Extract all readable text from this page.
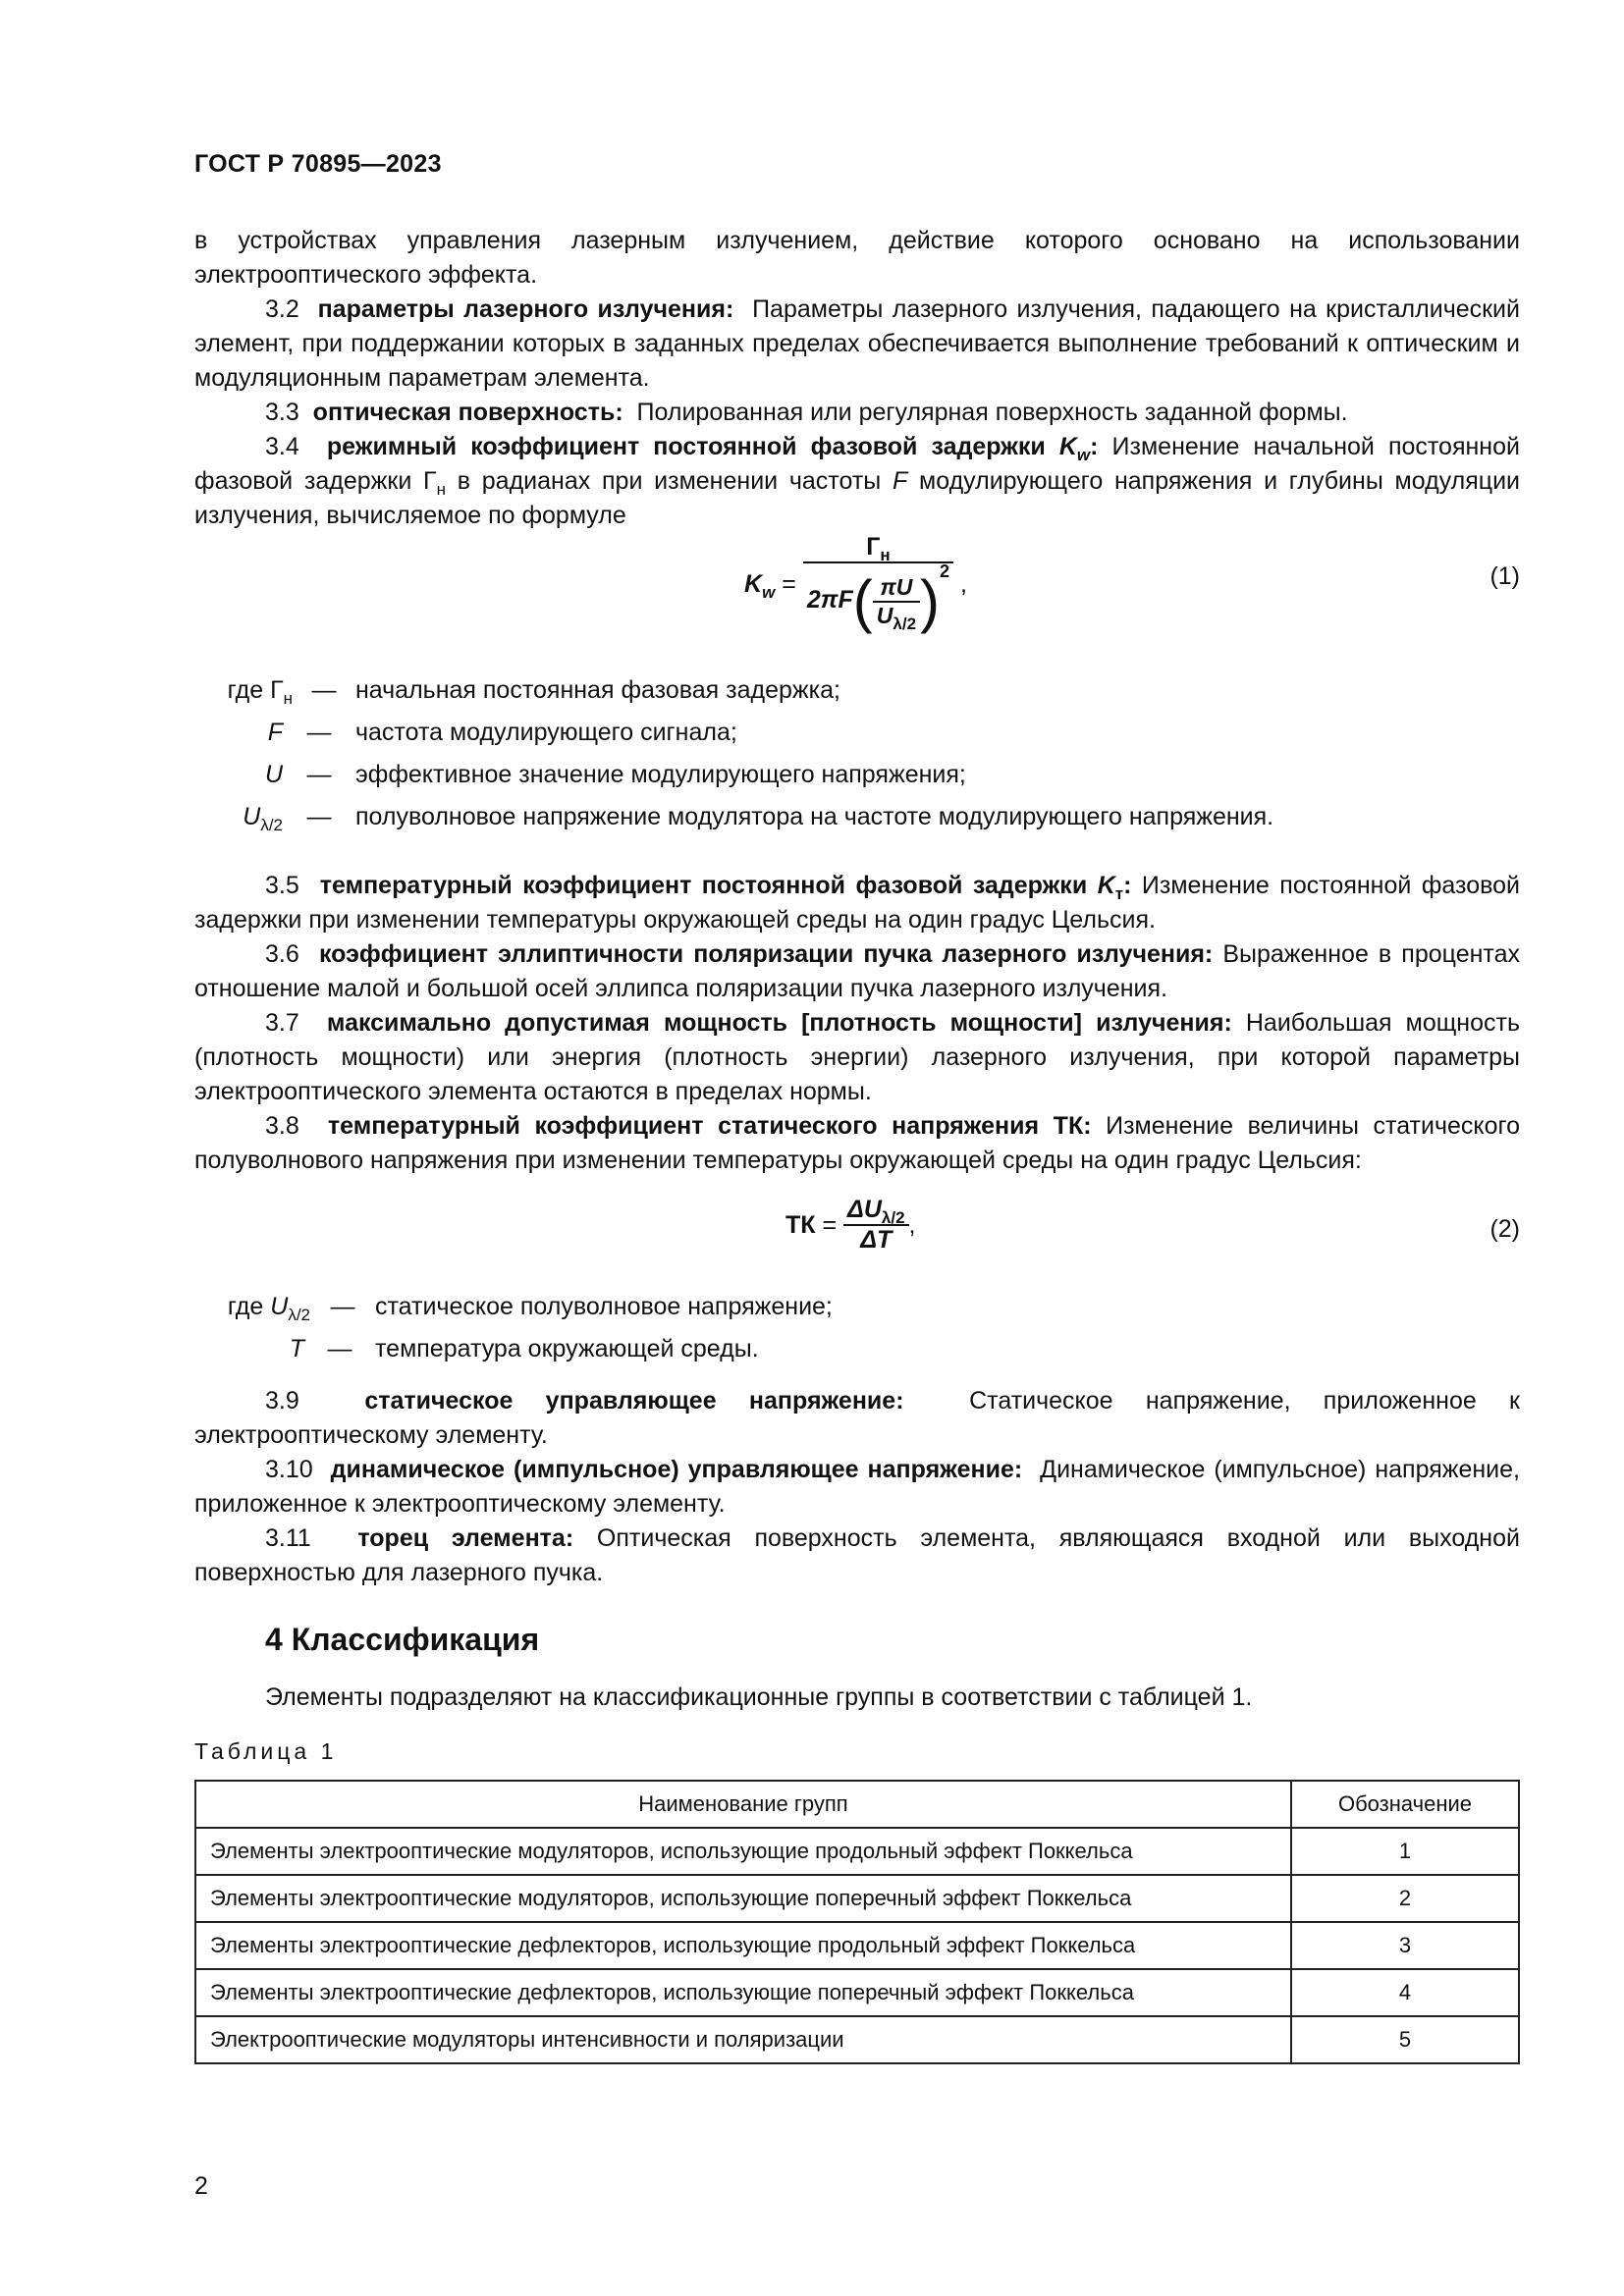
ГОСТ Р 70895—2023

в устройствах управления лазерным излучением, действие которого основано на использовании электрооптического эффекта.

3.2 параметры лазерного излучения: Параметры лазерного излучения, падающего на кристаллический элемент, при поддержании которых в заданных пределах обеспечивается выполнение требований к оптическим и модуляционным параметрам элемента.

3.3 оптическая поверхность: Полированная или регулярная поверхность заданной формы.

3.4 режимный коэффициент постоянной фазовой задержки $K_w$: Изменение начальной постоянной фазовой задержки $Г_н$ в радианах при изменении частоты F модулирующего напряжения и глубины модуляции излучения, вычисляемое по формуле

$K_w = \frac{Г_н}{2\pi F( \frac{\pi U}{U_{\lambda/2}} )^2}$ ,	(1)
где $Г_н$ — начальная постоянная фазовая задержка;
F — частота модулирующего сигнала;
U — эффективное значение модулирующего напряжения;
$U_{\lambda/2}$ — полуволновое напряжение модулятора на частоте модулирующего напряжения.

3.5 температурный коэффициент постоянной фазовой задержки $K_т$: Изменение постоянной фазовой задержки при изменении температуры окружающей среды на один градус Цельсия.

3.6 коэффициент эллиптичности поляризации пучка лазерного излучения: Выраженное в процентах отношение малой и большой осей эллипса поляризации пучка лазерного излучения.

3.7 максимально допустимая мощность [плотность мощности] излучения: Наибольшая мощность (плотность мощности) или энергия (плотность энергии) лазерного излучения, при которой параметры электрооптического элемента остаются в пределах нормы.

3.8 температурный коэффициент статического напряжения ТК: Изменение величины статического полуволнового напряжения при изменении температуры окружающей среды на один градус Цельсия:

ТК = $\frac{\Delta U_{\lambda/2}}{\Delta T}$ ,	(2)
где $U_{\lambda/2}$ — статическое полуволновое напряжение;
T — температура окружающей среды.

3.9	статическое управляющее напряжение:	Статическое напряжение, приложенное к электрооптическому элементу.

3.10 динамическое (импульсное) управляющее напряжение: Динамическое (импульсное) напряжение, приложенное к электрооптическому элементу.

3.11 торец элемента: Оптическая поверхность элемента, являющаяся входной или выходной поверхностью для лазерного пучка.

4 Классификация
Элементы подразделяют на классификационные группы в соответствии с таблицей 1.
Таблица 1
Наименование групп	Обозначение
Элементы электрооптические модуляторов, использующие продольный эффект Поккельса	1
Элементы электрооптические модуляторов, использующие поперечный эффект Поккельса	2
Элементы электрооптические дефлекторов, использующие продольный эффект Поккельса	3
Элементы электрооптические дефлекторов, использующие поперечный эффект Поккельса	4
Электрооптические модуляторы интенсивности и поляризации	5
2
